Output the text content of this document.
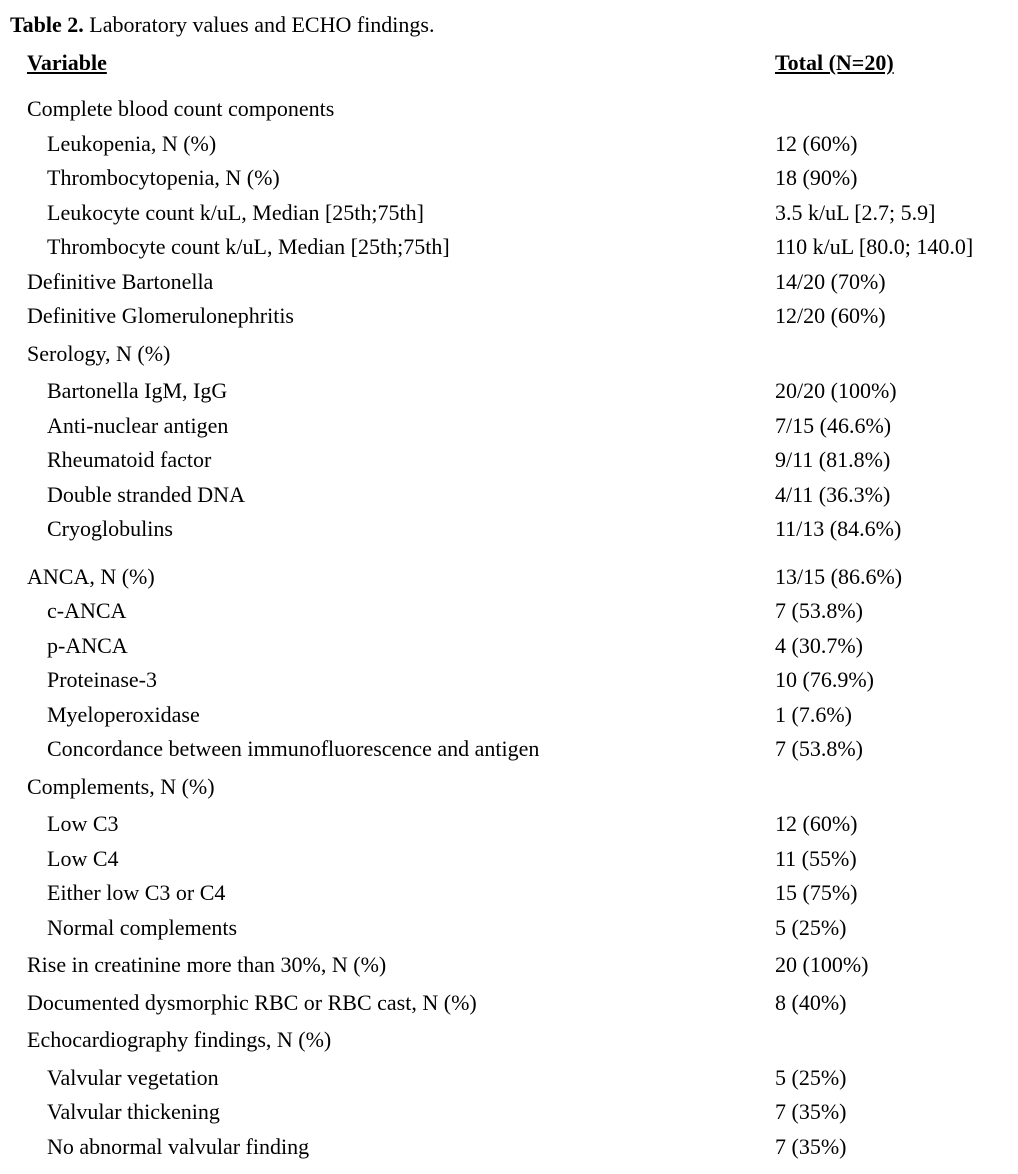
Table 2. Laboratory values and ECHO findings.
Variable	Total (N=20)
Complete blood count components
Leukopenia, N (%)	12 (60%)
Thrombocytopenia, N (%)	18 (90%)
Leukocyte count k/uL, Median [25th;75th]	3.5 k/uL [2.7; 5.9]
Thrombocyte count k/uL, Median [25th;75th]	110 k/uL [80.0; 140.0]
Definitive Bartonella	14/20 (70%)
Definitive Glomerulonephritis	12/20 (60%)
Serology, N (%)
Bartonella IgM, IgG	20/20 (100%)
Anti-nuclear antigen	7/15 (46.6%)
Rheumatoid factor	9/11 (81.8%)
Double stranded DNA	4/11 (36.3%)
Cryoglobulins	11/13 (84.6%)
ANCA, N (%)	13/15 (86.6%)
c-ANCA	7 (53.8%)
p-ANCA	4 (30.7%)
Proteinase-3	10 (76.9%)
Myeloperoxidase	1 (7.6%)
Concordance between immunofluorescence and antigen	7 (53.8%)
Complements, N (%)
Low C3	12 (60%)
Low C4	11 (55%)
Either low C3 or C4	15 (75%)
Normal complements	5 (25%)
Rise in creatinine more than 30%, N (%)	20 (100%)
Documented dysmorphic RBC or RBC cast, N (%)	8 (40%)
Echocardiography findings, N (%)
Valvular vegetation	5 (25%)
Valvular thickening	7 (35%)
No abnormal valvular finding	7 (35%)
